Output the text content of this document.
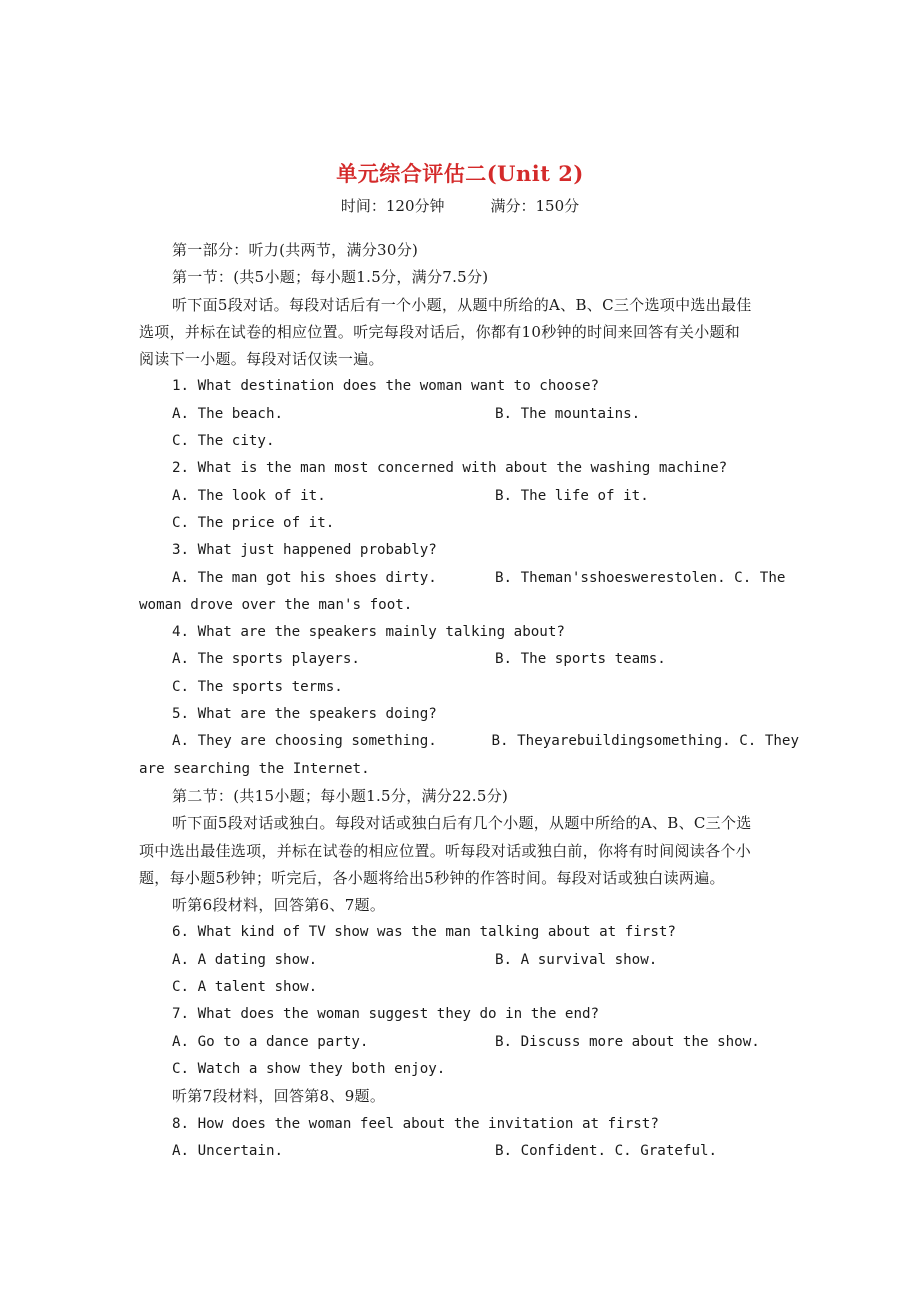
单元综合评估二(Unit 2)
时间：120分钟	满分：150分
第一部分：听力(共两节，满分30分)
第一节：(共5小题；每小题1.5分，满分7.5分)
听下面5段对话。每段对话后有一个小题，从题中所给的A、B、C三个选项中选出最佳
选项，并标在试卷的相应位置。听完每段对话后，你都有10秒钟的时间来回答有关小题和
阅读下一小题。每段对话仅读一遍。
1. What destination does the woman want to choose?
A. The beach.	B. The mountains.
C. The city.
2. What is the man most concerned with about the washing machine?
A. The look of it.	B. The life of it.
C. The price of it.
3. What just happened probably?
A. The man got his shoes dirty.	B. Theman'sshoeswerestolen. C. The
woman drove over the man's foot.
4. What are the speakers mainly talking about?
A. The sports players.	B. The sports teams.
C. The sports terms.
5. What are the speakers doing?
A. They are choosing something.	B. Theyarebuildingsomething. C. They
are searching the Internet.
第二节：(共15小题；每小题1.5分，满分22.5分)
听下面5段对话或独白。每段对话或独白后有几个小题，从题中所给的A、B、C三个选
项中选出最佳选项，并标在试卷的相应位置。听每段对话或独白前，你将有时间阅读各个小
题，每小题5秒钟；听完后，各小题将给出5秒钟的作答时间。每段对话或独白读两遍。
听第6段材料，回答第6、7题。
6. What kind of TV show was the man talking about at first?
A. A dating show.	B. A survival show.
C. A talent show.
7. What does the woman suggest they do in the end?
A. Go to a dance party.	B. Discuss more about the show.
C. Watch a show they both enjoy.
听第7段材料，回答第8、9题。
8. How does the woman feel about the invitation at first?
A. Uncertain.	B. Confident. C. Grateful.
